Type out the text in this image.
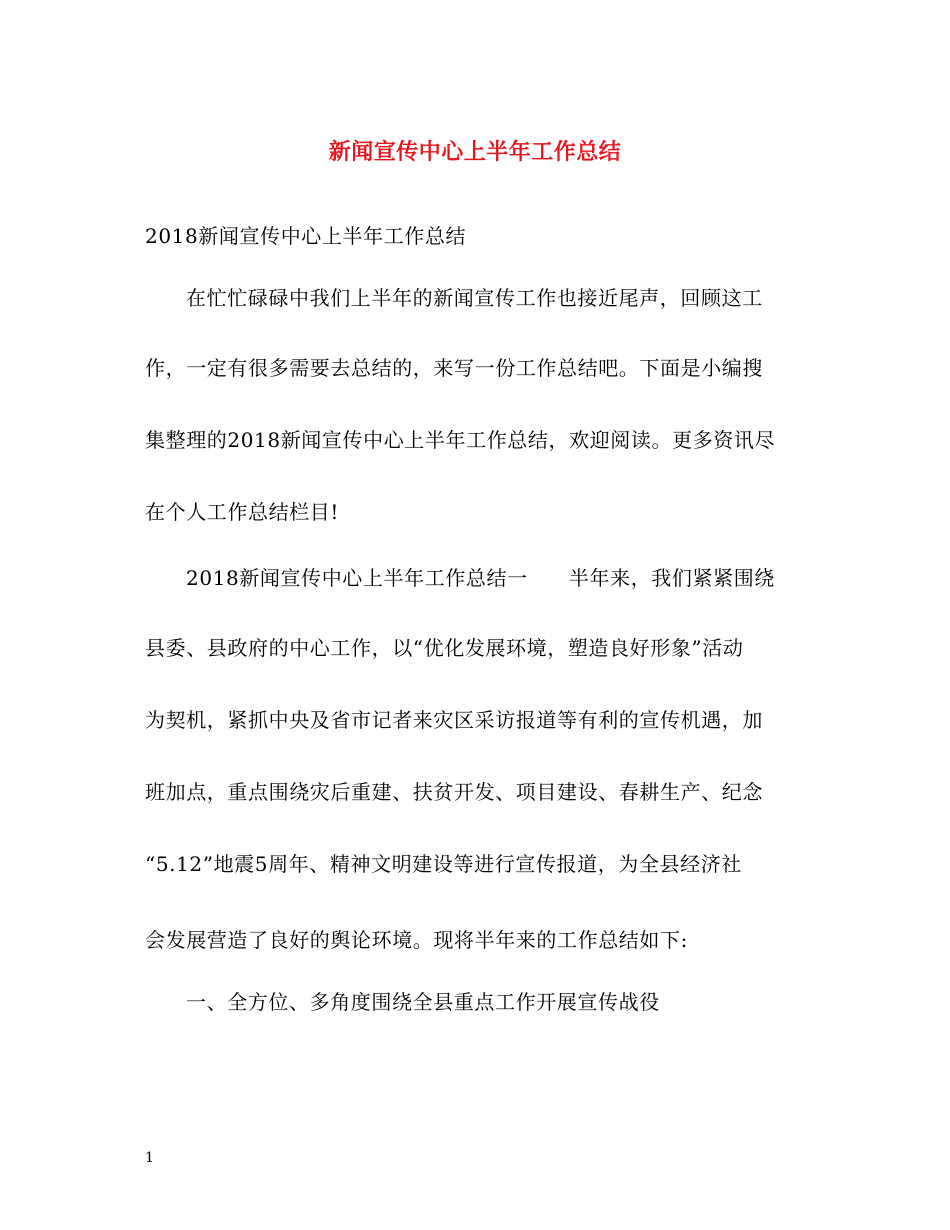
新闻宣传中心上半年工作总结
2018新闻宣传中心上半年工作总结
在忙忙碌碌中我们上半年的新闻宣传工作也接近尾声，回顾这工
作，一定有很多需要去总结的，来写一份工作总结吧。下面是小编搜
集整理的2018新闻宣传中心上半年工作总结，欢迎阅读。更多资讯尽
在个人工作总结栏目!
2018新闻宣传中心上半年工作总结一　　半年来，我们紧紧围绕
县委、县政府的中心工作，以“优化发展环境，塑造良好形象”活动
为契机，紧抓中央及省市记者来灾区采访报道等有利的宣传机遇，加
班加点，重点围绕灾后重建、扶贫开发、项目建设、春耕生产、纪念
“5.12”地震5周年、精神文明建设等进行宣传报道，为全县经济社
会发展营造了良好的舆论环境。现将半年来的工作总结如下:
一、全方位、多角度围绕全县重点工作开展宣传战役
1
